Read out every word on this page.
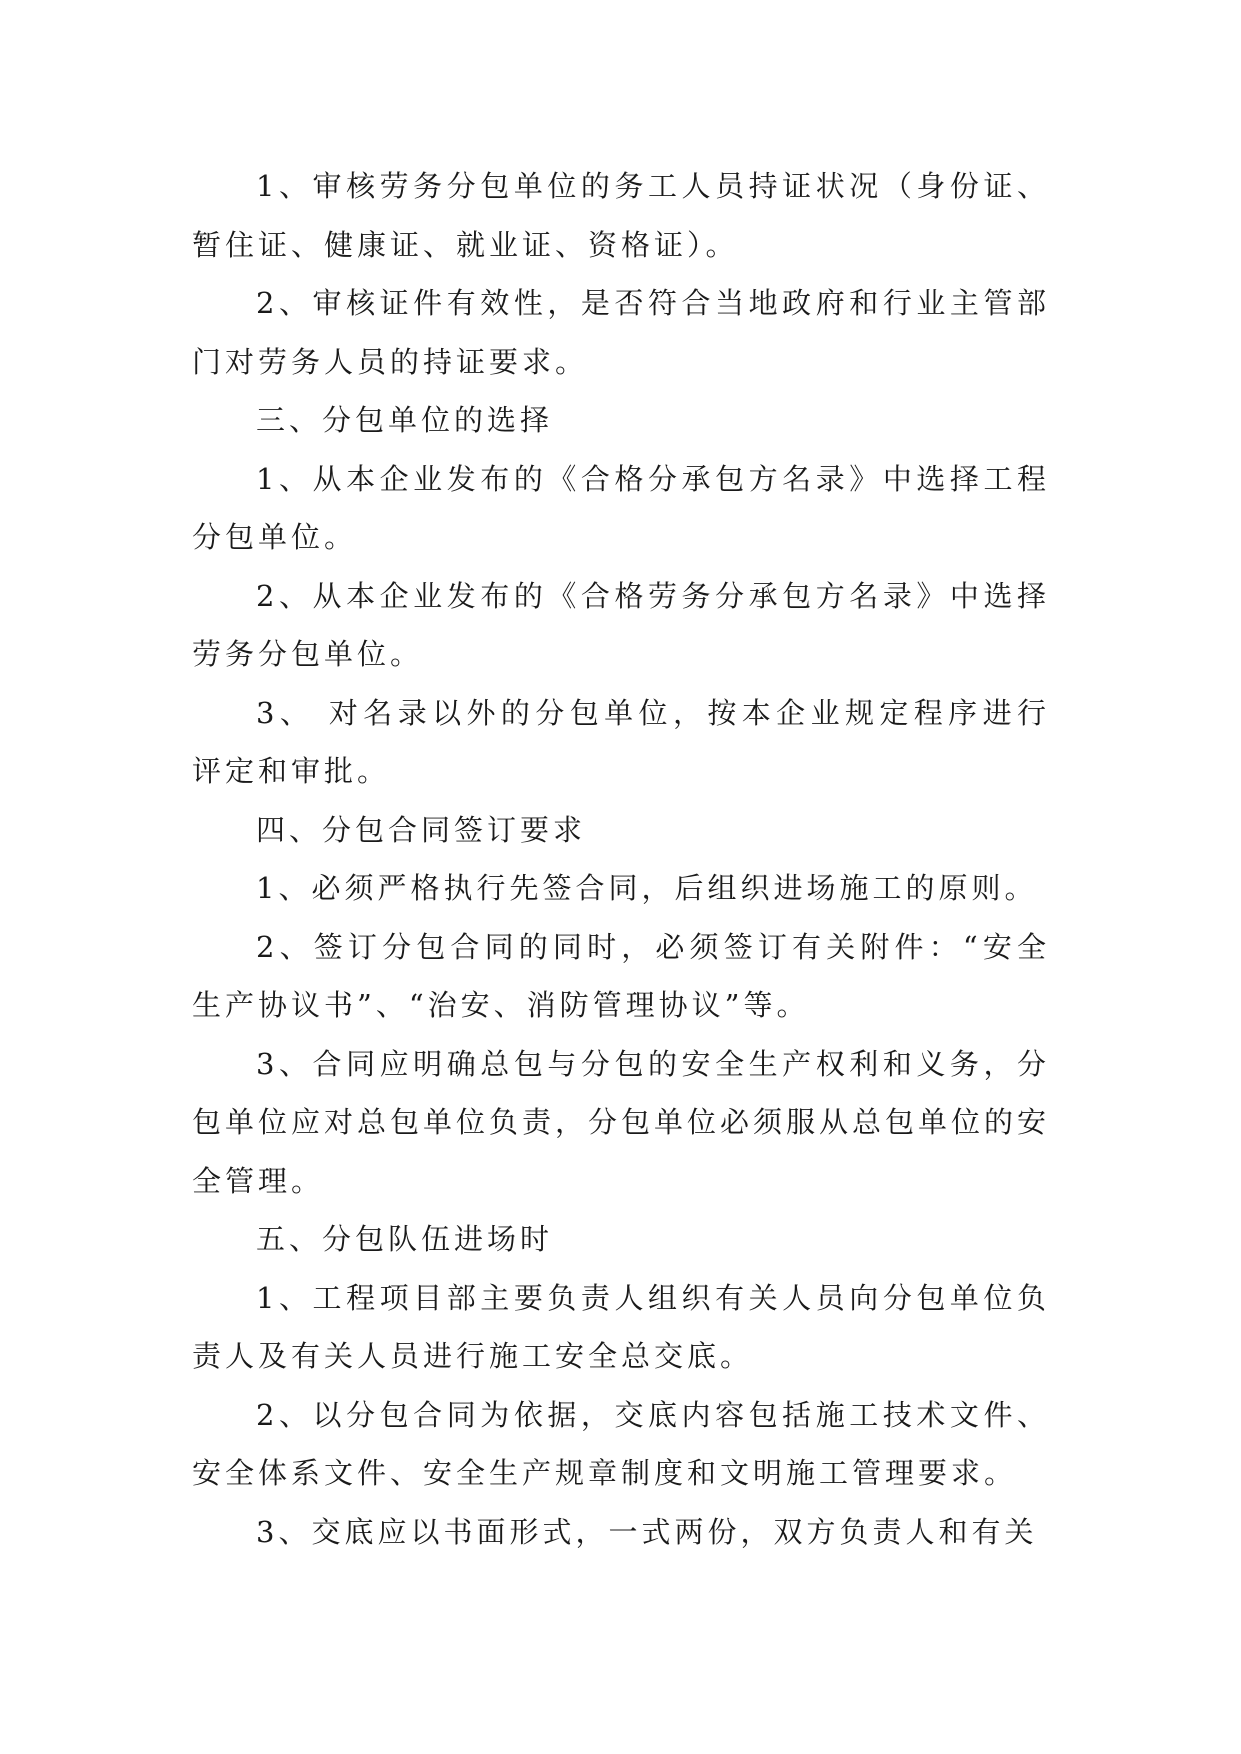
1、审核劳务分包单位的务工人员持证状况（身份证、暂住证、健康证、就业证、资格证）。

2、审核证件有效性，是否符合当地政府和行业主管部门对劳务人员的持证要求。

三、分包单位的选择

1、从本企业发布的《合格分承包方名录》中选择工程分包单位。

2、从本企业发布的《合格劳务分承包方名录》中选择劳务分包单位。

3、 对名录以外的分包单位，按本企业规定程序进行评定和审批。

四、分包合同签订要求

1、必须严格执行先签合同，后组织进场施工的原则。

2、签订分包合同的同时，必须签订有关附件：“安全生产协议书”、“治安、消防管理协议”等。

3、合同应明确总包与分包的安全生产权利和义务，分包单位应对总包单位负责，分包单位必须服从总包单位的安全管理。

五、分包队伍进场时

1、工程项目部主要负责人组织有关人员向分包单位负责人及有关人员进行施工安全总交底。

2、以分包合同为依据，交底内容包括施工技术文件、安全体系文件、安全生产规章制度和文明施工管理要求。

3、交底应以书面形式，一式两份，双方负责人和有关
